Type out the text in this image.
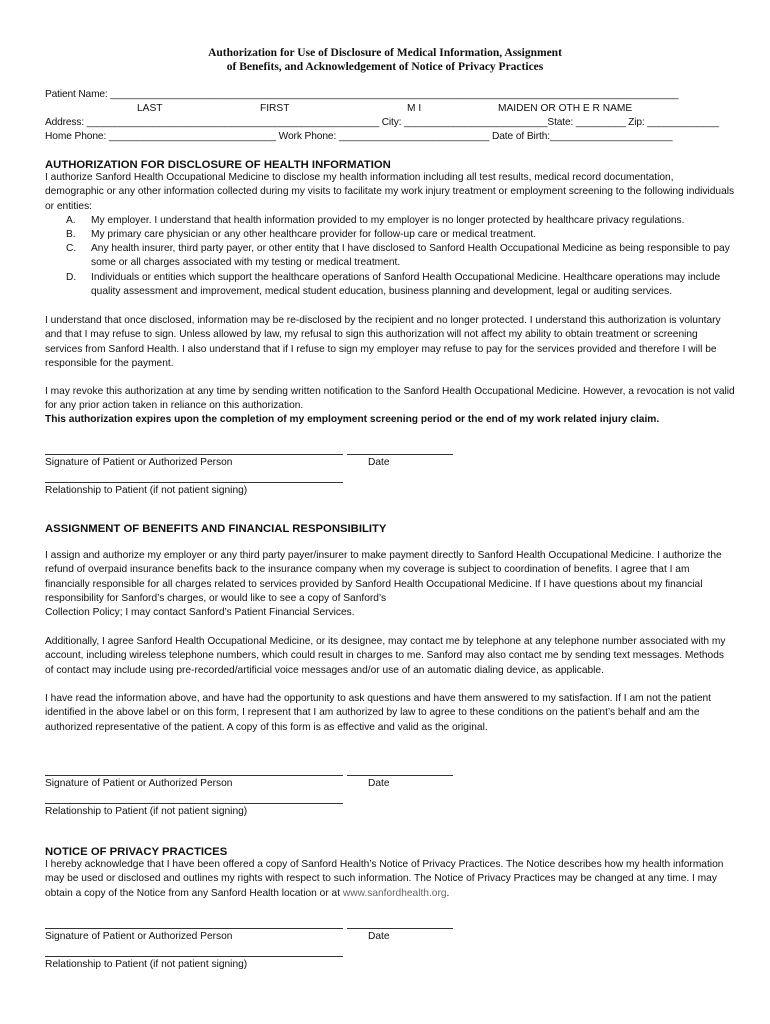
Authorization for Use of Disclosure of Medical Information, Assignment
of Benefits, and Acknowledgement of Notice of Privacy Practices
Patient Name: _______________________________________________________________________________________________________
LAST	FIRST	M I	MAIDEN OR OTH E R NAME
Address: _____________________________________________________ City: __________________________State: _________ Zip: _____________
Home Phone: ______________________________ Work Phone: ___________________________ Date of Birth:______________________
AUTHORIZATION FOR DISCLOSURE OF HEALTH INFORMATION
I authorize Sanford Health Occupational Medicine to disclose my health information including all test results, medical record documentation, demographic or any other information collected during my visits to facilitate my work injury treatment or employment screening to the following individuals or entities:
A.	My employer. I understand that health information provided to my employer is no longer protected by healthcare privacy regulations.
B.	My primary care physician or any other healthcare provider for follow-up care or medical treatment.
C.	Any health insurer, third party payer, or other entity that I have disclosed to Sanford Health Occupational Medicine as being responsible to pay some or all charges associated with my testing or medical treatment.
D.	Individuals or entities which support the healthcare operations of Sanford Health Occupational Medicine. Healthcare operations may include quality assessment and improvement, medical student education, business planning and development, legal or auditing services.
I understand that once disclosed, information may be re-disclosed by the recipient and no longer protected. I understand this authorization is voluntary and that I may refuse to sign. Unless allowed by law, my refusal to sign this authorization will not affect my ability to obtain treatment or screening services from Sanford Health. I also understand that if I refuse to sign my employer may refuse to pay for the services provided and therefore I will be responsible for the payment.
I may revoke this authorization at any time by sending written notification to the Sanford Health Occupational Medicine. However, a revocation is not valid for any prior action taken in reliance on this authorization.
This authorization expires upon the completion of my employment screening period or the end of my work related injury claim.
Signature of Patient or Authorized Person	Date
Relationship to Patient (if not patient signing)
ASSIGNMENT OF BENEFITS AND FINANCIAL RESPONSIBILITY
I assign and authorize my employer or any third party payer/insurer to make payment directly to Sanford Health Occupational Medicine. I authorize the refund of overpaid insurance benefits back to the insurance company when my coverage is subject to coordination of benefits. I agree that I am financially responsible for all charges related to services provided by Sanford Health Occupational Medicine. If I have questions about my financial responsibility for Sanford’s charges, or would like to see a copy of Sanford’s
Collection Policy; I may contact Sanford’s Patient Financial Services.
Additionally, I agree Sanford Health Occupational Medicine, or its designee, may contact me by telephone at any telephone number associated with my account, including wireless telephone numbers, which could result in charges to me. Sanford may also contact me by sending text messages. Methods of contact may include using pre-recorded/artificial voice messages and/or use of an automatic dialing device, as applicable.
I have read the information above, and have had the opportunity to ask questions and have them answered to my satisfaction. If I am not the patient identified in the above label or on this form, I represent that I am authorized by law to agree to these conditions on the patient’s behalf and am the authorized representative of the patient. A copy of this form is as effective and valid as the original.
Signature of Patient or Authorized Person	Date
Relationship to Patient (if not patient signing)
NOTICE OF PRIVACY PRACTICES
I hereby acknowledge that I have been offered a copy of Sanford Health’s Notice of Privacy Practices. The Notice describes how my health information may be used or disclosed and outlines my rights with respect to such information. The Notice of Privacy Practices may be changed at any time. I may obtain a copy of the Notice from any Sanford Health location or at www.sanfordhealth.org.
Signature of Patient or Authorized Person	Date
Relationship to Patient (if not patient signing)
